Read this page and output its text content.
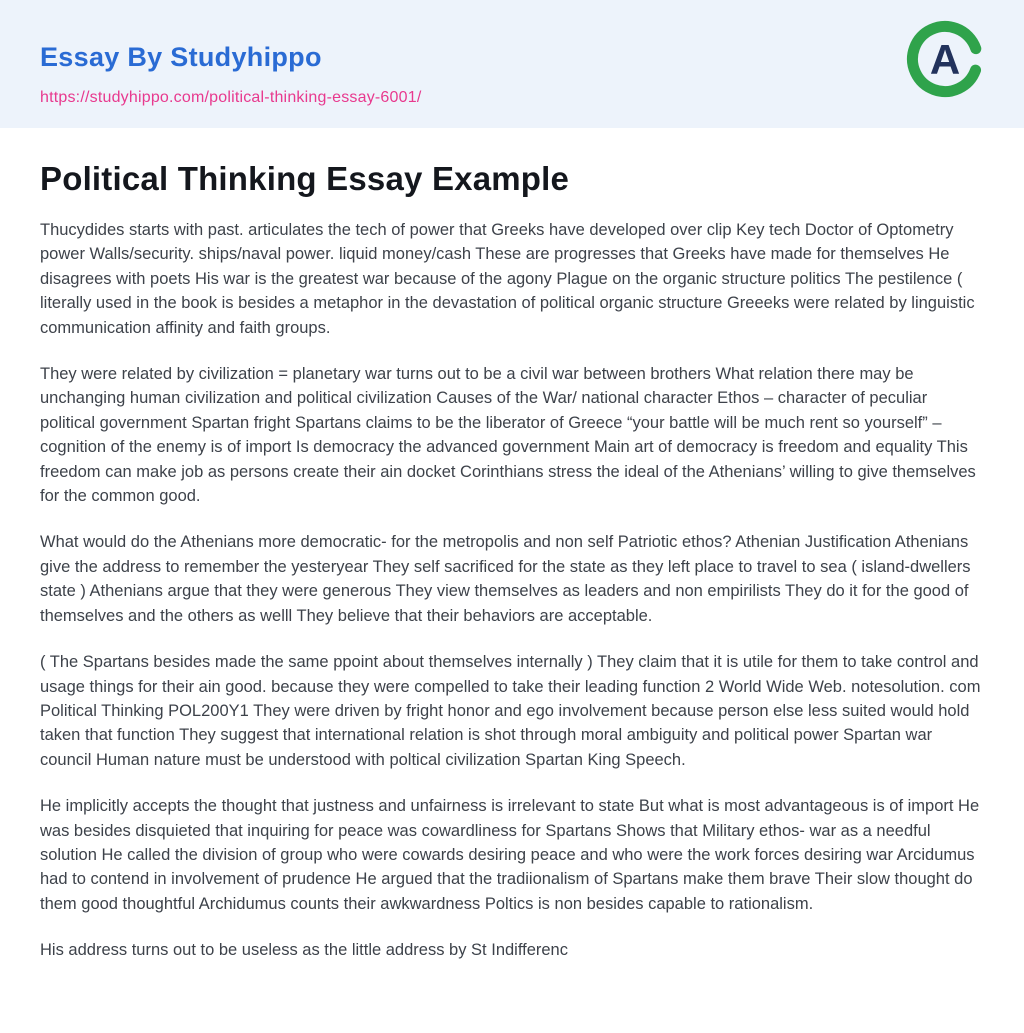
Essay By Studyhippo
https://studyhippo.com/political-thinking-essay-6001/
A
Political Thinking Essay Example

Thucydides starts with past. articulates the tech of power that Greeks have developed over clip Key tech Doctor of Optometry power Walls/security. ships/naval power. liquid money/cash These are progresses that Greeks have made for themselves He disagrees with poets His war is the greatest war because of the agony Plague on the organic structure politics The pestilence ( literally used in the book is besides a metaphor in the devastation of political organic structure Greeeks were related by linguistic communication affinity and faith groups.

They were related by civilization = planetary war turns out to be a civil war between brothers What relation there may be unchanging human civilization and political civilization Causes of the War/ national character Ethos – character of peculiar political government Spartan fright Spartans claims to be the liberator of Greece “your battle will be much rent so yourself” – cognition of the enemy is of import Is democracy the advanced government Main art of democracy is freedom and equality This freedom can make job as persons create their ain docket Corinthians stress the ideal of the Athenians’ willing to give themselves for the common good.

What would do the Athenians more democratic- for the metropolis and non self Patriotic ethos? Athenian Justification Athenians give the address to remember the yesteryear They self sacrificed for the state as they left place to travel to sea ( island-dwellers state ) Athenians argue that they were generous They view themselves as leaders and non empirilists They do it for the good of themselves and the others as welll They believe that their behaviors are acceptable.

( The Spartans besides made the same ppoint about themselves internally ) They claim that it is utile for them to take control and usage things for their ain good. because they were compelled to take their leading function 2 World Wide Web. notesolution. com Political Thinking POL200Y1 They were driven by fright honor and ego involvement because person else less suited would hold taken that function They suggest that international relation is shot through moral ambiguity and political power Spartan war council Human nature must be understood with poltical civilization Spartan King Speech.

He implicitly accepts the thought that justness and unfairness is irrelevant to state But what is most advantageous is of import He was besides disquieted that inquiring for peace was cowardliness for Spartans Shows that Military ethos- war as a needful solution He called the division of group who were cowards desiring peace and who were the work forces desiring war Arcidumus had to contend in involvement of prudence He argued that the tradiionalism of Spartans make them brave Their slow thought do them good thoughtful Archidumus counts their awkwardness Poltics is non besides capable to rationalism.

His address turns out to be useless as the little address by St Indifferenc
